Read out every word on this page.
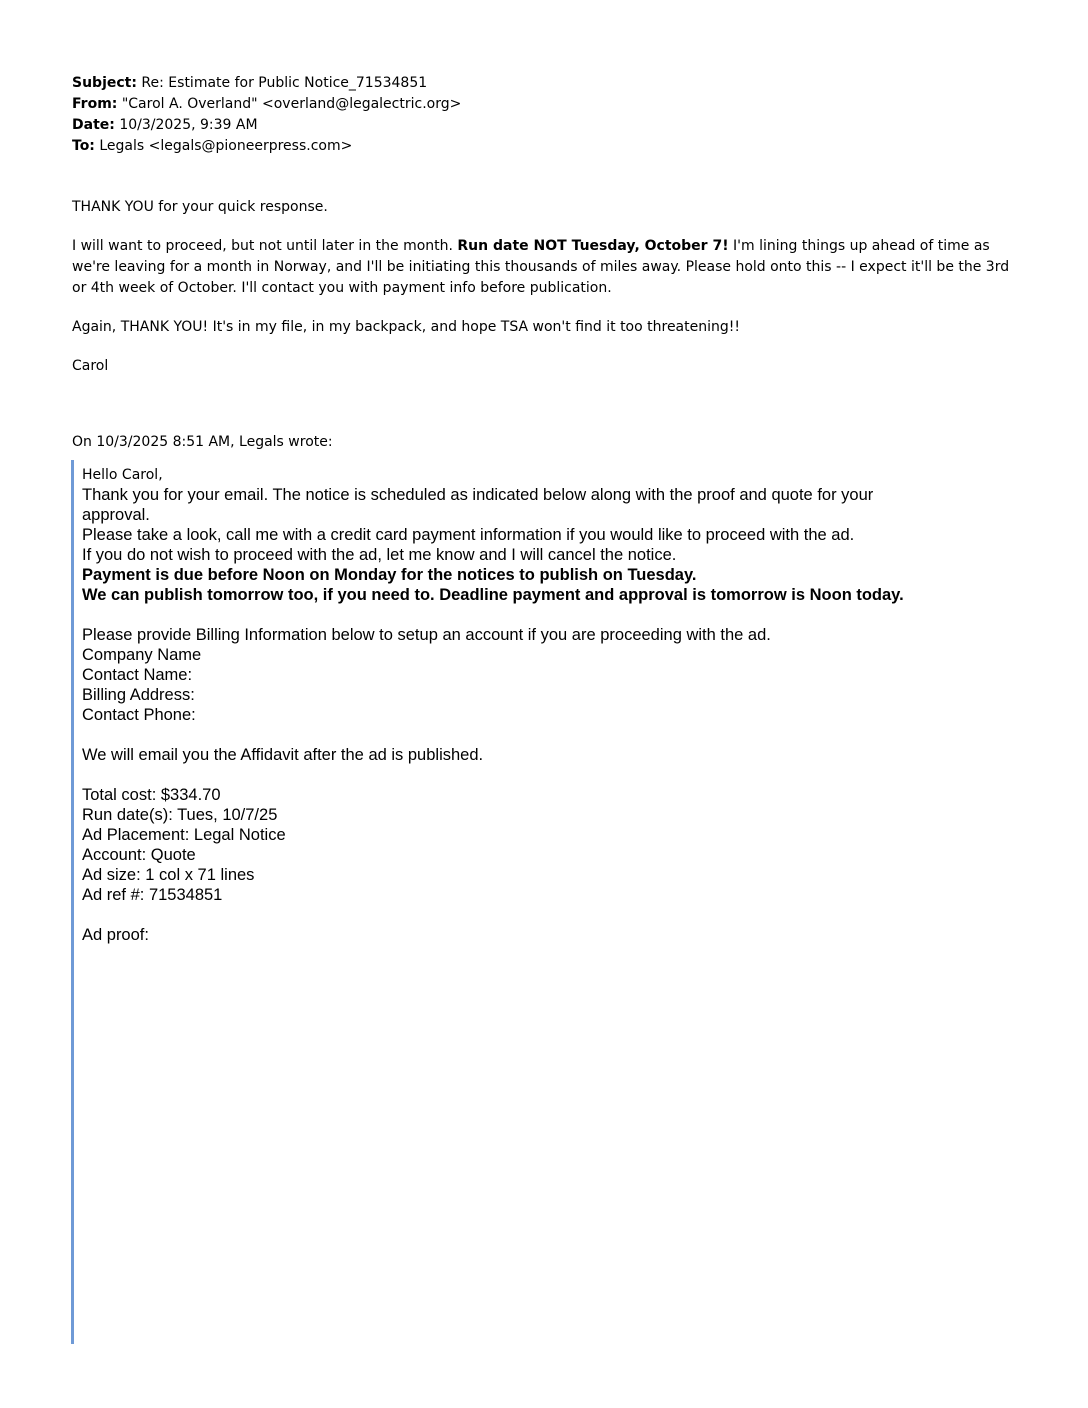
Subject: Re: Estimate for Public Notice_71534851
From: "Carol A. Overland" <overland@legalectric.org>
Date: 10/3/2025, 9:39 AM
To: Legals <legals@pioneerpress.com>

THANK YOU for your quick response.

I will want to proceed, but not until later in the month. Run date NOT Tuesday, October 7! I'm lining things up ahead of time as we're leaving for a month in Norway, and I'll be initiating this thousands of miles away. Please hold onto this -- I expect it'll be the 3rd or 4th week of October. I'll contact you with payment info before publication.

Again, THANK YOU! It's in my file, in my backpack, and hope TSA won't find it too threatening!!

Carol

On 10/3/2025 8:51 AM, Legals wrote:
Hello Carol,
Thank you for your email. The notice is scheduled as indicated below along with the proof and quote for your
approval.
Please take a look, call me with a credit card payment information if you would like to proceed with the ad.
If you do not wish to proceed with the ad, let me know and I will cancel the notice.
Payment is due before Noon on Monday for the notices to publish on Tuesday.
We can publish tomorrow too, if you need to. Deadline payment and approval is tomorrow is Noon today.
Please provide Billing Information below to setup an account if you are proceeding with the ad.
Company Name
Contact Name:
Billing Address:
Contact Phone:
We will email you the Affidavit after the ad is published.
Total cost: $334.70
Run date(s): Tues, 10/7/25
Ad Placement: Legal Notice
Account: Quote
Ad size: 1 col x 71 lines
Ad ref #: 71534851
Ad proof:
